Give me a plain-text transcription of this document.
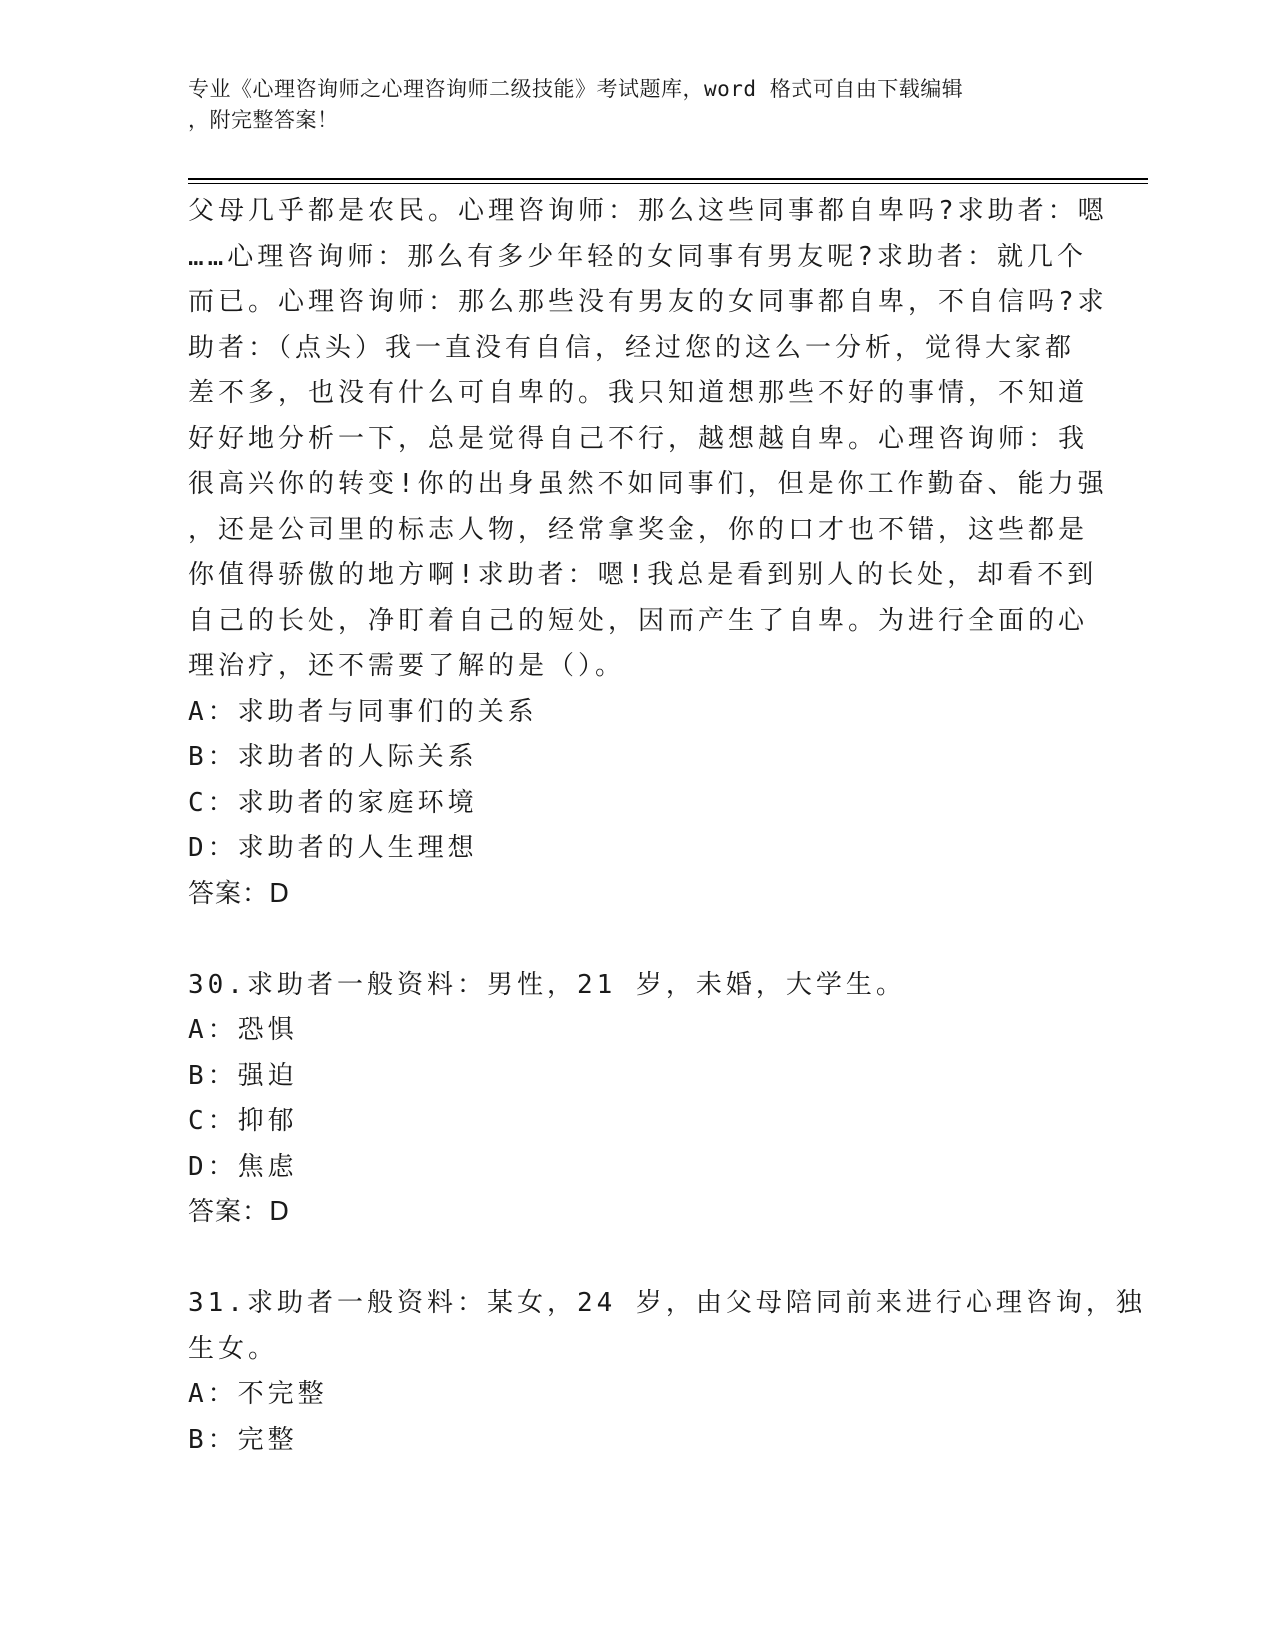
专业《心理咨询师之心理咨询师二级技能》考试题库，word 格式可自由下载编辑
，附完整答案！

父母几乎都是农民。心理咨询师：那么这些同事都自卑吗?求助者：嗯

……心理咨询师：那么有多少年轻的女同事有男友呢?求助者：就几个

而已。心理咨询师：那么那些没有男友的女同事都自卑，不自信吗?求

助者：（点头）我一直没有自信，经过您的这么一分析，觉得大家都

差不多，也没有什么可自卑的。我只知道想那些不好的事情，不知道

好好地分析一下，总是觉得自己不行，越想越自卑。心理咨询师：我

很高兴你的转变!你的出身虽然不如同事们，但是你工作勤奋、能力强

，还是公司里的标志人物，经常拿奖金，你的口才也不错，这些都是

你值得骄傲的地方啊!求助者：嗯!我总是看到别人的长处，却看不到

自己的长处，净盯着自己的短处，因而产生了自卑。为进行全面的心

理治疗，还不需要了解的是（）。

A：求助者与同事们的关系

B：求助者的人际关系

C：求助者的家庭环境

D：求助者的人生理想

答案：D

30.求助者一般资料：男性，21 岁，未婚，大学生。

A：恐惧

B：强迫

C：抑郁

D：焦虑

答案：D

31.求助者一般资料：某女，24 岁，由父母陪同前来进行心理咨询，独

生女。

A：不完整

B：完整
